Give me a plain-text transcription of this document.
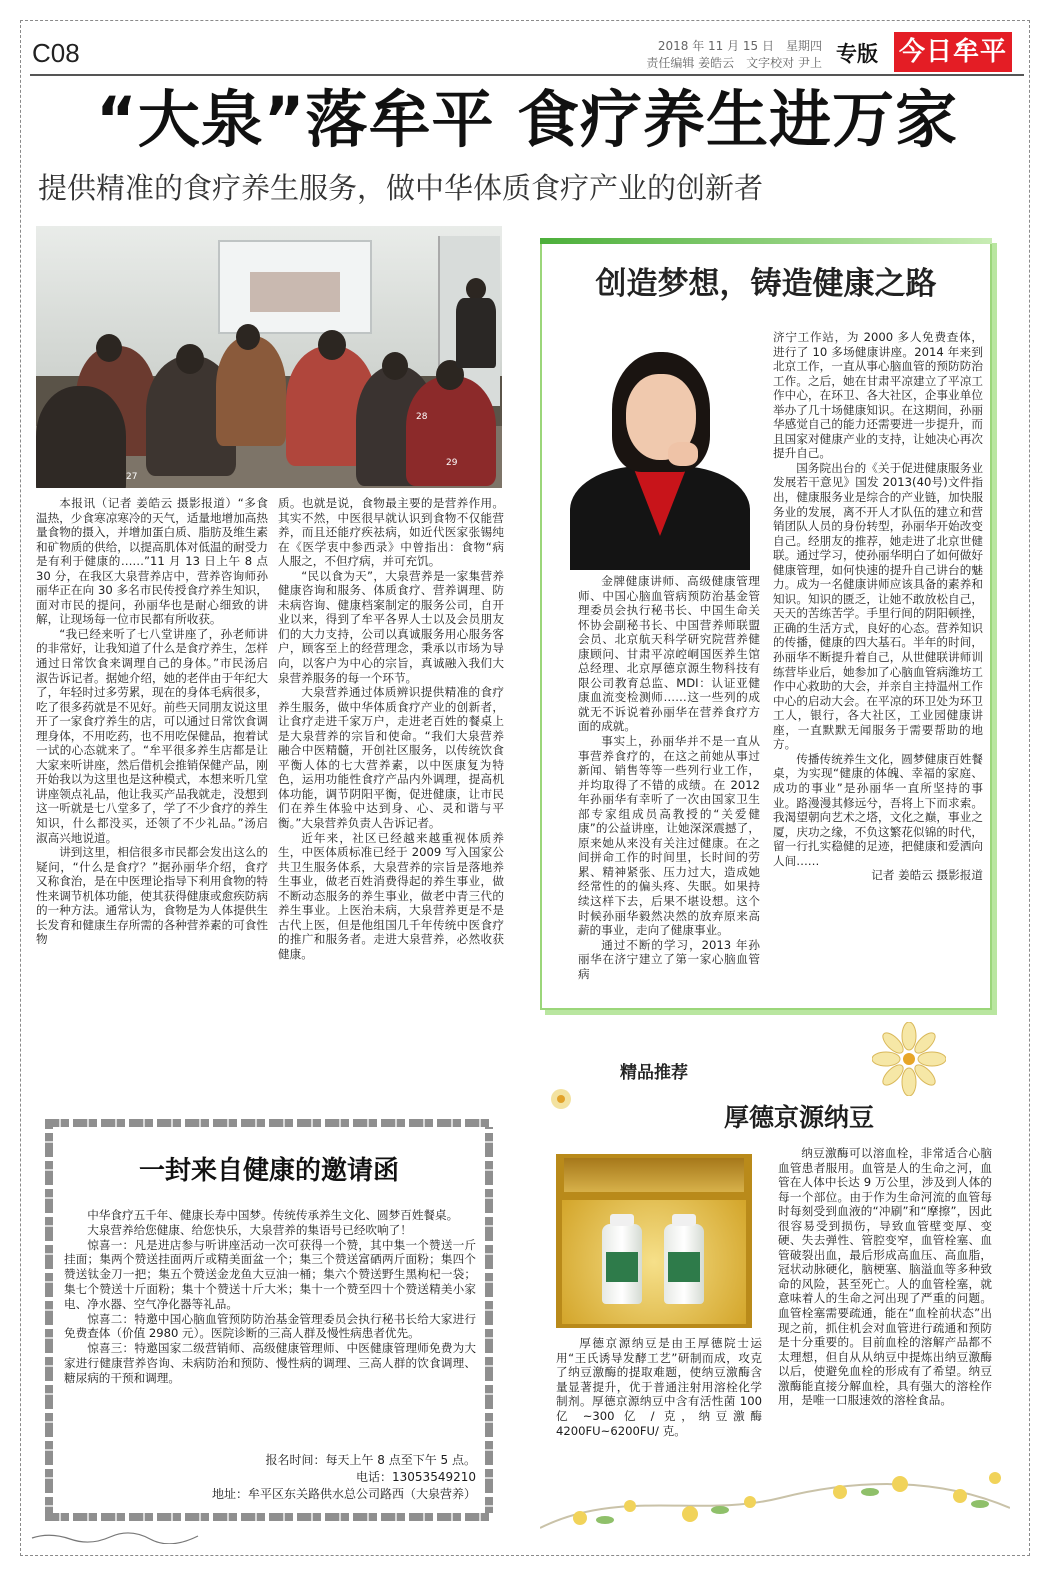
C08	2018 年 11 月 15 日　星期四
责任编辑 姜皓云　文字校对 尹上 专版 今日牟平
“大泉”落牟平 食疗养生进万家
提供精准的食疗养生服务，做中华体质食疗产业的创新者
27
28
29

本报讯（记者 姜皓云 摄影报道）“多食温热，少食寒凉寒冷的天气，适量地增加高热量食物的摄入，并增加蛋白质、脂肪及维生素和矿物质的供给，以提高肌体对低温的耐受力是有利于健康的……”11 月 13 日上午 8 点 30 分，在我区大泉营养店中，营养咨询师孙丽华正在向 30 多名市民传授食疗养生知识，面对市民的提问，孙丽华也是耐心细致的讲解，让现场每一位市民都有所收获。

“我已经来听了七八堂讲座了，孙老师讲的非常好，让我知道了什么是食疗养生，怎样通过日常饮食来调理自己的身体。”市民汤启淑告诉记者。据她介绍，她的老伴由于年纪大了，年轻时过多劳累，现在的身体毛病很多，吃了很多药就是不见好。前些天同朋友说这里开了一家食疗养生的店，可以通过日常饮食调理身体，不用吃药，也不用吃保健品，抱着试一试的心态就来了。“牟平很多养生店都是让大家来听讲座，然后借机会推销保健产品，刚开始我以为这里也是这种模式，本想来听几堂讲座领点礼品，他让我买产品我就走，没想到这一听就是七八堂多了，学了不少食疗的养生知识，什么都没买，还领了不少礼品。”汤启淑高兴地说道。

讲到这里，相信很多市民都会发出这么的疑问，“什么是食疗？”据孙丽华介绍，食疗又称食治，是在中医理论指导下利用食物的特性来调节机体功能，使其获得健康或愈疾防病的一种方法。通常认为，食物是为人体提供生长发育和健康生存所需的各种营养素的可食性物

质。也就是说，食物最主要的是营养作用。其实不然，中医很早就认识到食物不仅能营养，而且还能疗疾祛病，如近代医家张锡纯在《医学衷中参西录》中曾指出：食物“病人服之，不但疗病，并可充饥。

“民以食为天”，大泉营养是一家集营养健康咨询和服务、体质食疗、营养调理、防未病咨询、健康档案制定的服务公司，自开业以来，得到了牟平各界人士以及会员朋友们的大力支持，公司以真诚服务用心服务客户，顾客至上的经营理念，秉承以市场为导向，以客户为中心的宗旨，真诚融入我们大泉营养服务的每一个环节。

大泉营养通过体质辨识提供精准的食疗养生服务，做中华体质食疗产业的创新者，让食疗走进千家万户，走进老百姓的餐桌上是大泉营养的宗旨和使命。“我们大泉营养融合中医精髓，开创社区服务，以传统饮食平衡人体的七大营养素，以中医康复为特色，运用功能性食疗产品内外调理，提高机体功能，调节阴阳平衡，促进健康，让市民们在养生体验中达到身、心、灵和谐与平衡。”大泉营养负责人告诉记者。

近年来，社区已经越来越重视体质养生，中医体质标准已经于 2009 写入国家公共卫生服务体系，大泉营养的宗旨是落地养生事业，做老百姓消费得起的养生事业，做不断动态服务的养生事业，做老中青三代的养生事业。上医治未病，大泉营养更是不是古代上医，但是他组国几千年传统中医食疗的推广和服务者。走进大泉营养，必然收获健康。

创造梦想，铸造健康之路

金牌健康讲师、高级健康管理师、中国心脑血管病预防治基金管理委员会执行秘书长、中国生命关怀协会副秘书长、中国营养师联盟会员、北京航天科学研究院营养健康顾问、甘肃平凉崆峒国医养生馆总经理、北京厚德京源生物科技有限公司教育总监、MDI：认证亚健康血流变检测师……这一些列的成就无不诉说着孙丽华在营养食疗方面的成就。

事实上，孙丽华并不是一直从事营养食疗的，在这之前她从事过新闻、销售等等一些列行业工作，并均取得了不错的成绩。在 2012 年孙丽华有幸听了一次由国家卫生部专家组成员高教授的“关爱健康”的公益讲座，让她深深震撼了，原来她从来没有关注过健康。在之间拼命工作的时间里，长时间的劳累、精神紧张、压力过大，造成她经常性的的偏头疼、失眠。如果持续这样下去，后果不堪设想。这个时候孙丽华毅然决然的放弃原来高薪的事业，走向了健康事业。

通过不断的学习，2013 年孙丽华在济宁建立了第一家心脑血管病

济宁工作站，为 2000 多人免费查体，进行了 10 多场健康讲座。2014 年来到北京工作，一直从事心脑血管的预防防治工作。之后，她在甘肃平凉建立了平凉工作中心，在环卫、各大社区，企事业单位举办了几十场健康知识。在这期间，孙丽华感觉自己的能力还需要进一步提升，而且国家对健康产业的支持，让她决心再次提升自己。

国务院出台的《关于促进健康服务业发展若干意见》国发 2013(40号)文件指出，健康服务业是综合的产业链，加快服务业的发展，离不开人才队伍的建立和营销团队人员的身份转型，孙丽华开始改变自己。经朋友的推荐，她走进了北京世健联。通过学习，使孙丽华明白了如何做好健康管理，如何快速的提升自己讲台的魅力。成为一名健康讲师应该具备的素养和知识。知识的匮乏，让她不敢放松自己，天天的苦练苦学。手里行间的阴阳顿挫，正确的生活方式，良好的心态。营养知识的传播，健康的四大基石。半年的时间，孙丽华不断提升着自己，从世健联讲师训练营毕业后，她参加了心脑血管病潍坊工作中心救助的大会，并亲自主持温州工作中心的启动大会。在平凉的环卫处为环卫工人，银行，各大社区，工业园健康讲座，一直默默无闻服务于需要帮助的地方。

传播传统养生文化，圆梦健康百姓餐桌，为实现“健康的体魄、幸福的家庭、成功的事业”是孙丽华一直所坚持的事业。路漫漫其修远兮，吾将上下而求索。我渴望朝向艺术之塔，文化之巅，事业之厦，庆功之缘，不负这繁花似锦的时代，留一行扎实稳健的足迹，把健康和爱洒向人间……

记者 姜皓云 摄影报道

一封来自健康的邀请函

中华食疗五千年、健康长寿中国梦。传统传承养生文化、圆梦百姓餐桌。

大泉营养给您健康、给您快乐，大泉营养的集语号已经吹响了！

惊喜一：凡是进店参与听讲座活动一次可获得一个赞，其中集一个赞送一斤挂面；集两个赞送挂面两斤或精美面盆一个；集三个赞送富硒两斤面粉；集四个赞送钛金刀一把；集五个赞送金龙鱼大豆油一桶；集六个赞送野生黑枸杞一袋；集七个赞送十斤面粉；集十个赞送十斤大米；集十一个赞至四十个赞送精美小家电、净水器、空气净化器等礼品。

惊喜二：特邀中国心脑血管预防防治基金管理委员会执行秘书长给大家进行免费查体（价值 2980 元）。医院诊断的三高人群及慢性病患者优先。

惊喜三：特邀国家二级营销师、高级健康管理师、中医健康管理师免费为大家进行健康营养咨询、未病防治和预防、慢性病的调理、三高人群的饮食调理、糖尿病的干预和调理。

报名时间：每天上午 8 点至下午 5 点。
电话：13053549210
地址：牟平区东关路供水总公司路西（大泉营养）
精品推荐
厚德京源纳豆

厚德京源纳豆是由王厚德院士运用“王氏诱导发酵工艺”研制而成，攻克了纳豆激酶的提取难题，使纳豆激酶含量显著提升，优于普通注射用溶栓化学制剂。厚德京源纳豆中含有活性菌 100 亿 ~300 亿 / 克，纳豆激酶 4200FU~6200FU/ 克。

纳豆激酶可以溶血栓，非常适合心脑血管患者服用。血管是人的生命之河，血管在人体中长达 9 万公里，涉及到人体的每一个部位。由于作为生命河流的血管每时每刻受到血液的“冲刷”和“摩擦”，因此很容易受到损伤，导致血管壁变厚、变硬、失去弹性、管腔变窄，血管栓塞、血管破裂出血，最后形成高血压、高血脂，冠状动脉硬化，脑梗塞、脑溢血等多种致命的风险，甚至死亡。人的血管栓塞，就意味着人的生命之河出现了严重的问题。血管栓塞需要疏通，能在“血栓前状态”出现之前，抓住机会对血管进行疏通和预防是十分重要的。目前血栓的溶解产品都不太理想，但自从从纳豆中提炼出纳豆激酶以后，使避免血栓的形成有了希望。纳豆激酶能直接分解血栓，具有强大的溶栓作用，是唯一口服速效的溶栓食品。
